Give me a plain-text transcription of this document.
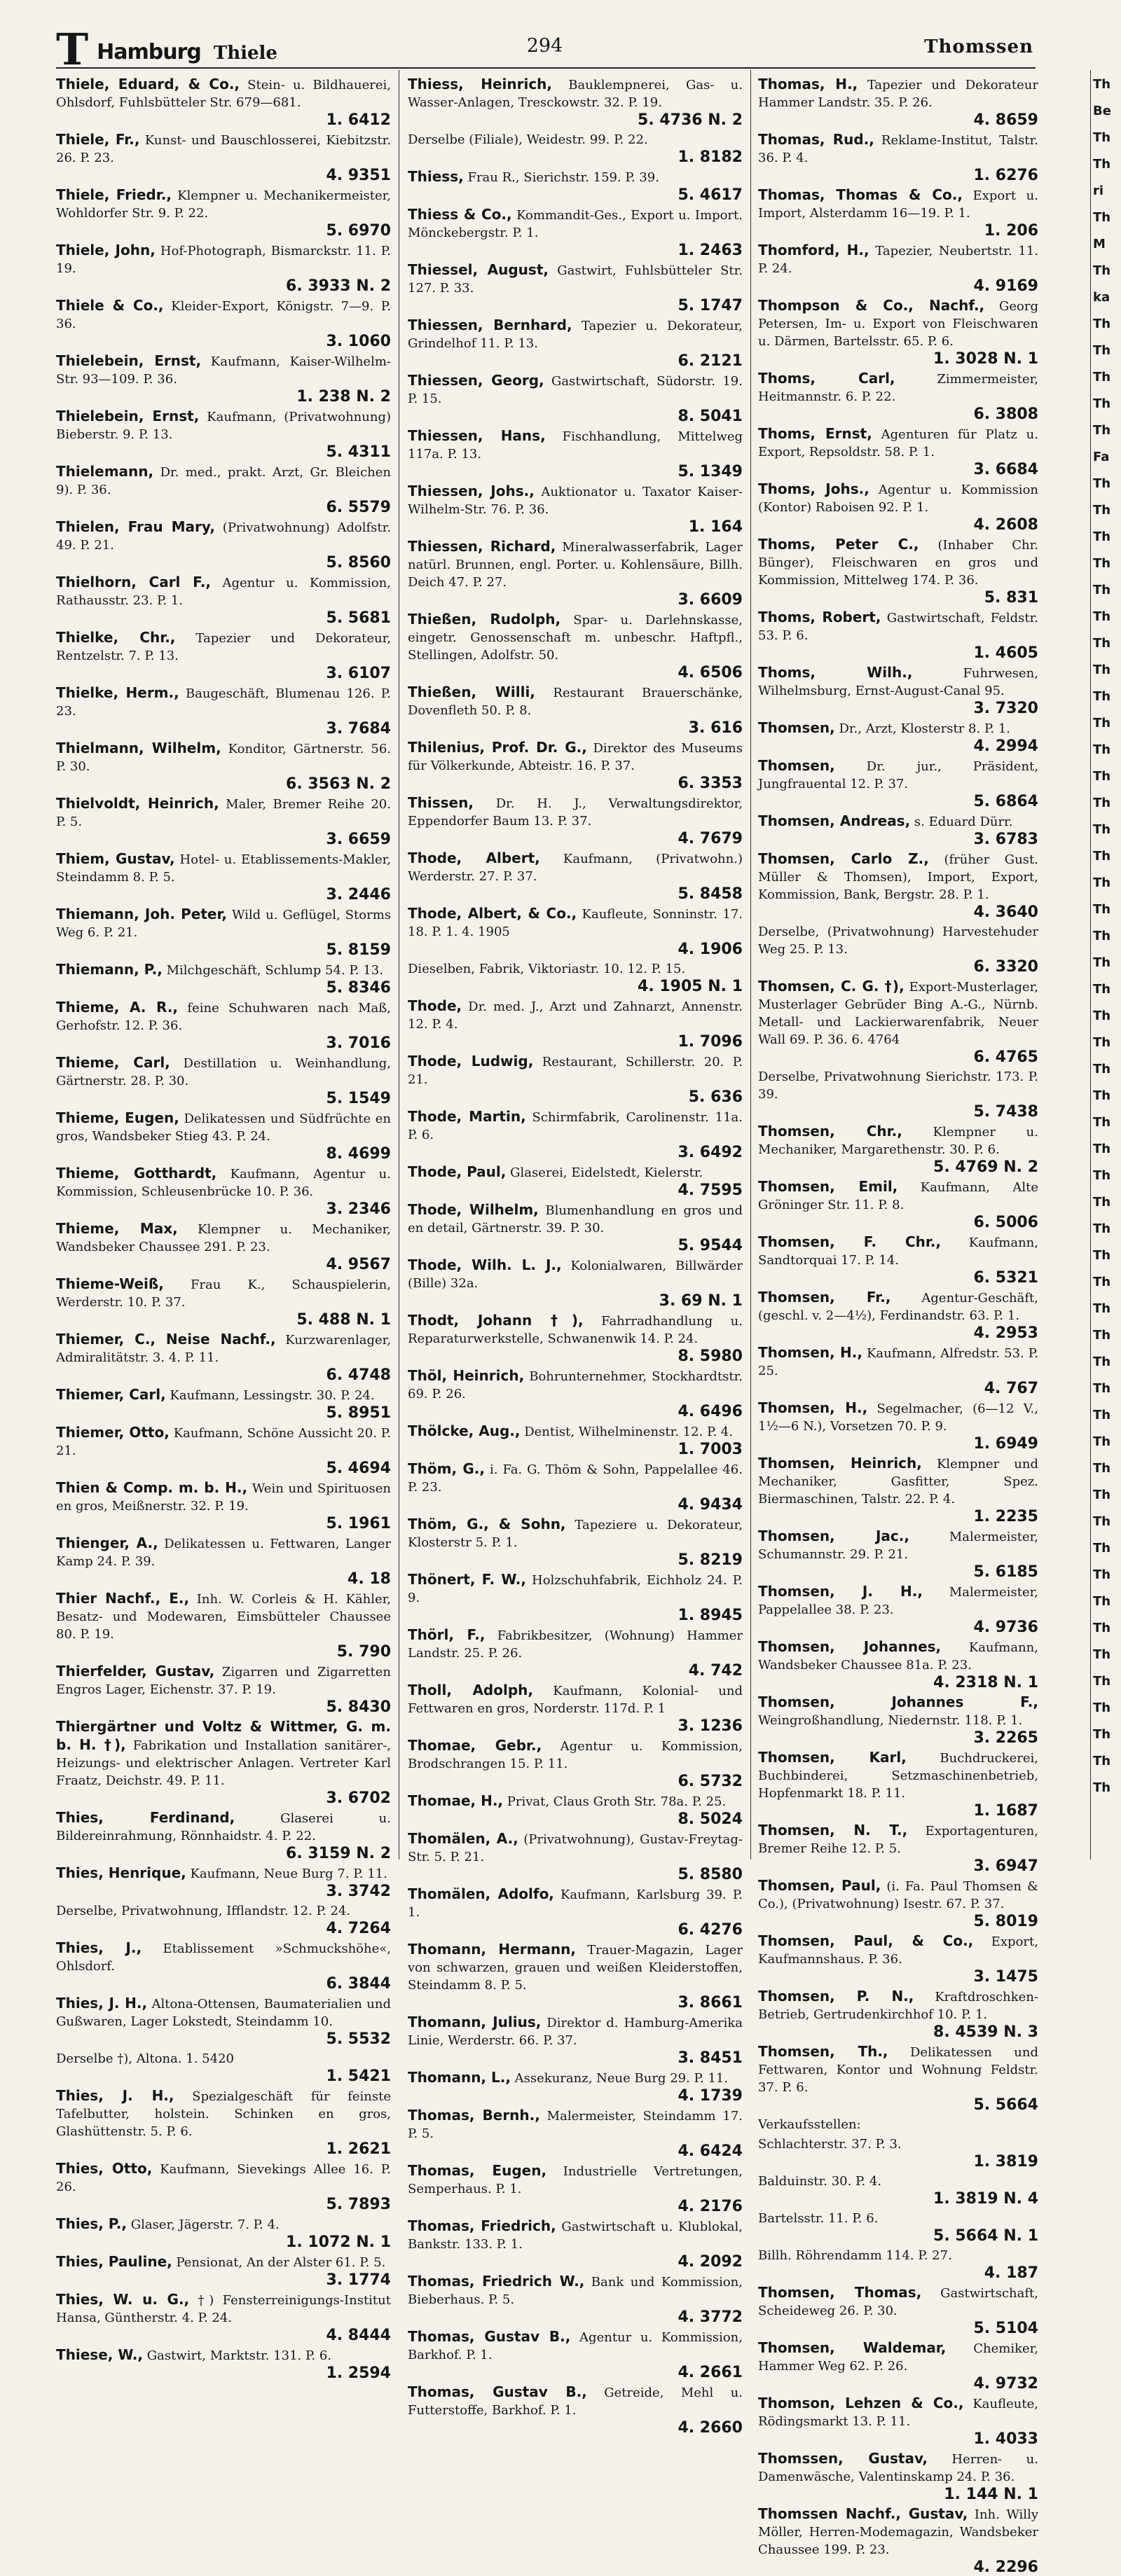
T Hamburg Thiele	294	Thomssen
Thiele, Eduard, & Co., Stein- u. Bildhauerei, Ohlsdorf, Fuhlsbütteler Str. 679—681.
1. 6412
Thiele, Fr., Kunst- und Bauschlosserei, Kiebitzstr. 26. P. 23.
4. 9351
Thiele, Friedr., Klempner u. Mechanikermeister, Wohldorfer Str. 9. P. 22.
5. 6970
Thiele, John, Hof-Photograph, Bismarckstr. 11. P. 19.
6. 3933 N. 2
Thiele & Co., Kleider-Export, Königstr. 7—9. P. 36.
3. 1060
Thielebein, Ernst, Kaufmann, Kaiser-Wilhelm-Str. 93—109. P. 36.
1. 238 N. 2
Thielebein, Ernst, Kaufmann, (Privatwohnung) Bieberstr. 9. P. 13.
5. 4311
Thielemann, Dr. med., prakt. Arzt, Gr. Bleichen 9). P. 36.
6. 5579
Thielen, Frau Mary, (Privatwohnung) Adolfstr. 49. P. 21.
5. 8560
Thielhorn, Carl F., Agentur u. Kommission, Rathausstr. 23. P. 1.
5. 5681
Thielke, Chr., Tapezier und Dekorateur, Rentzelstr. 7. P. 13.
3. 6107
Thielke, Herm., Baugeschäft, Blumenau 126. P. 23.
3. 7684
Thielmann, Wilhelm, Konditor, Gärtnerstr. 56. P. 30.
6. 3563 N. 2
Thielvoldt, Heinrich, Maler, Bremer Reihe 20. P. 5.
3. 6659
Thiem, Gustav, Hotel- u. Etablissements-Makler, Steindamm 8. P. 5.
3. 2446
Thiemann, Joh. Peter, Wild u. Geflügel, Storms Weg 6. P. 21.
5. 8159
Thiemann, P., Milchgeschäft, Schlump 54. P. 13.
5. 8346
Thieme, A. R., feine Schuhwaren nach Maß, Gerhofstr. 12. P. 36.
3. 7016
Thieme, Carl, Destillation u. Weinhandlung, Gärtnerstr. 28. P. 30.
5. 1549
Thieme, Eugen, Delikatessen und Südfrüchte en gros, Wandsbeker Stieg 43. P. 24.
8. 4699
Thieme, Gotthardt, Kaufmann, Agentur u. Kommission, Schleusenbrücke 10. P. 36.
3. 2346
Thieme, Max, Klempner u. Mechaniker, Wandsbeker Chaussee 291. P. 23.
4. 9567
Thieme-Weiß, Frau K., Schauspielerin, Werderstr. 10. P. 37.
5. 488 N. 1
Thiemer, C., Neise Nachf., Kurzwarenlager, Admiralitätstr. 3. 4. P. 11.
6. 4748
Thiemer, Carl, Kaufmann, Lessingstr. 30. P. 24.
5. 8951
Thiemer, Otto, Kaufmann, Schöne Aussicht 20. P. 21.
5. 4694
Thien & Comp. m. b. H., Wein und Spirituosen en gros, Meißnerstr. 32. P. 19.
5. 1961
Thienger, A., Delikatessen u. Fettwaren, Langer Kamp 24. P. 39.
4. 18
Thier Nachf., E., Inh. W. Corleis & H. Kähler, Besatz- und Modewaren, Eimsbütteler Chaussee 80. P. 19.
5. 790
Thierfelder, Gustav, Zigarren und Zigarretten Engros Lager, Eichenstr. 37. P. 19.
5. 8430
Thiergärtner und Voltz & Wittmer, G. m. b. H. †), Fabrikation und Installation sanitärer-, Heizungs- und elektrischer Anlagen. Vertreter Karl Fraatz, Deichstr. 49. P. 11.
3. 6702
Thies, Ferdinand,	Glaserei u. Bildereinrahmung, Rönnhaidstr. 4. P. 22.
6. 3159 N. 2
Thies, Henrique, Kaufmann, Neue Burg 7. P. 11.
3. 3742
Derselbe, Privatwohnung, Ifflandstr. 12. P. 24.
4. 7264
Thies, J., Etablissement »Schmuckshöhe«, Ohlsdorf.
6. 3844
Thies, J. H., Altona-Ottensen, Baumaterialien und Gußwaren, Lager Lokstedt, Steindamm 10.
5. 5532
Derselbe †), Altona. 1. 5420
1. 5421
Thies, J. H., Spezialgeschäft für feinste Tafelbutter, holstein. Schinken en gros, Glashüttenstr. 5. P. 6.
1. 2621
Thies, Otto, Kaufmann, Sievekings Allee 16. P. 26.
5. 7893
Thies, P., Glaser, Jägerstr. 7. P. 4.
1. 1072 N. 1
Thies, Pauline, Pensionat, An der Alster 61. P. 5.
3. 1774
Thies, W. u. G., †) Fensterreinigungs-Institut Hansa, Güntherstr. 4. P. 24.
4. 8444
Thiese, W., Gastwirt, Marktstr. 131. P. 6.
1. 2594
Thiess, Heinrich, Bauklempnerei, Gas- u. Wasser-Anlagen, Tresckowstr. 32. P. 19.
5. 4736 N. 2
Derselbe (Filiale), Weidestr. 99. P. 22.
1. 8182
Thiess, Frau R., Sierichstr. 159. P. 39.
5. 4617
Thiess & Co., Kommandit-Ges., Export u. Import. Mönckebergstr. P. 1.
1. 2463
Thiessel, August, Gastwirt, Fuhlsbütteler Str. 127. P. 33.
5. 1747
Thiessen, Bernhard, Tapezier u. Dekorateur, Grindelhof 11. P. 13.
6. 2121
Thiessen, Georg, Gastwirtschaft, Südorstr. 19. P. 15.
8. 5041
Thiessen, Hans, Fischhandlung, Mittelweg 117a. P. 13.
5. 1349
Thiessen, Johs., Auktionator u. Taxator Kaiser-Wilhelm-Str. 76. P. 36.
1. 164
Thiessen, Richard, Mineralwasserfabrik, Lager natürl. Brunnen, engl. Porter. u. Kohlensäure, Billh. Deich 47. P. 27.
3. 6609
Thießen, Rudolph, Spar- u. Darlehnskasse, eingetr. Genossenschaft m. unbeschr. Haftpfl., Stellingen, Adolfstr. 50.
4. 6506
Thießen, Willi, Restaurant Brauerschänke, Dovenfleth 50. P. 8.
3. 616
Thilenius, Prof. Dr. G., Direktor des Museums für Völkerkunde, Abteistr. 16. P. 37.
6. 3353
Thissen, Dr. H. J., Verwaltungsdirektor, Eppendorfer Baum 13. P. 37.
4. 7679
Thode, Albert, Kaufmann, (Privatwohn.) Werderstr. 27. P. 37.
5. 8458
Thode, Albert, & Co., Kaufleute, Sonninstr. 17. 18. P. 1. 4. 1905
4. 1906
Dieselben, Fabrik, Viktoriastr. 10. 12. P. 15.
4. 1905 N. 1
Thode, Dr. med. J., Arzt und Zahnarzt, Annenstr. 12. P. 4.
1. 7096
Thode, Ludwig, Restaurant, Schillerstr. 20. P. 21.
5. 636
Thode, Martin, Schirmfabrik, Carolinenstr. 11a. P. 6.
3. 6492
Thode, Paul, Glaserei, Eidelstedt, Kielerstr.
4. 7595
Thode, Wilhelm, Blumenhandlung en gros und en detail, Gärtnerstr. 39. P. 30.
5. 9544
Thode, Wilh. L. J., Kolonialwaren, Billwärder (Bille) 32a.
3. 69 N. 1
Thodt, Johann †), Fahrradhandlung u. Reparaturwerkstelle, Schwanenwik 14. P. 24.
8. 5980
Thöl, Heinrich, Bohrunternehmer, Stockhardtstr. 69. P. 26.
4. 6496
Thölcke, Aug., Dentist, Wilhelminenstr. 12. P. 4.
1. 7003
Thöm, G., i. Fa. G. Thöm & Sohn, Pappelallee 46. P. 23.
4. 9434
Thöm, G., & Sohn, Tapeziere u. Dekorateur, Klosterstr 5. P. 1.
5. 8219
Thönert, F. W., Holzschuhfabrik, Eichholz 24. P. 9.
1. 8945
Thörl, F., Fabrikbesitzer, (Wohnung) Hammer Landstr. 25. P. 26.
4. 742
Tholl, Adolph, Kaufmann, Kolonial- und Fettwaren en gros, Norderstr. 117d. P. 1
3. 1236
Thomae, Gebr., Agentur u. Kommission, Brodschrangen 15. P. 11.
6. 5732
Thomae, H., Privat, Claus Groth Str. 78a. P. 25.
8. 5024
Thomälen, A., (Privatwohnung), Gustav-Freytag-Str. 5. P. 21.
5. 8580
Thomälen, Adolfo, Kaufmann, Karlsburg 39. P. 1.
6. 4276
Thomann, Hermann, Trauer-Magazin, Lager von schwarzen, grauen und weißen Kleiderstoffen, Steindamm 8. P. 5.
3. 8661
Thomann, Julius, Direktor d. Hamburg-Amerika Linie, Werderstr. 66. P. 37.
3. 8451
Thomann, L., Assekuranz, Neue Burg 29. P. 11.
4. 1739
Thomas, Bernh., Malermeister, Steindamm 17. P. 5.
4. 6424
Thomas, Eugen, Industrielle Vertretungen, Semperhaus. P. 1.
4. 2176
Thomas, Friedrich, Gastwirtschaft u. Klublokal, Bankstr. 133. P. 1.
4. 2092
Thomas, Friedrich W., Bank und Kommission, Bieberhaus. P. 5.
4. 3772
Thomas, Gustav B., Agentur u. Kommission, Barkhof. P. 1.
4. 2661
Thomas, Gustav B., Getreide, Mehl u. Futterstoffe, Barkhof. P. 1.
4. 2660
Thomas, H., Tapezier und Dekorateur Hammer Landstr. 35. P. 26.
4. 8659
Thomas, Rud., Reklame-Institut, Talstr. 36. P. 4.
1. 6276
Thomas, Thomas & Co., Export u. Import, Alsterdamm 16—19. P. 1.
1. 206
Thomford, H., Tapezier, Neubertstr. 11. P. 24.
4. 9169
Thompson & Co., Nachf., Georg Petersen, Im- u. Export von Fleischwaren u. Därmen, Bartelsstr. 65. P. 6.
1. 3028 N. 1
Thoms, Carl,	Zimmermeister, Heitmannstr. 6. P. 22.
6. 3808
Thoms, Ernst, Agenturen für Platz u. Export, Repsoldstr. 58. P. 1.
3. 6684
Thoms, Johs., Agentur u. Kommission (Kontor) Raboisen 92. P. 1.
4. 2608
Thoms, Peter C., (Inhaber Chr. Bünger), Fleischwaren en gros und Kommission, Mittelweg 174. P. 36.
5. 831
Thoms, Robert, Gastwirtschaft, Feldstr. 53. P. 6.
1. 4605
Thoms, Wilh.,	Fuhrwesen, Wilhelmsburg, Ernst-August-Canal 95.
3. 7320
Thomsen, Dr., Arzt, Klosterstr 8. P. 1.
4. 2994
Thomsen,	Dr. jur., Präsident, Jungfrauental 12. P. 37.
5. 6864
Thomsen, Andreas, s. Eduard Dürr.
3. 6783
Thomsen, Carlo Z., (früher Gust. Müller & Thomsen), Import, Export, Kommission, Bank, Bergstr. 28. P. 1.
4. 3640
Derselbe, (Privatwohnung) Harvestehuder Weg 25. P. 13.
6. 3320
Thomsen, C. G. †), Export-Musterlager, Musterlager Gebrüder Bing A.-G., Nürnb. Metall- und Lackierwarenfabrik, Neuer Wall 69. P. 36. 6. 4764
6. 4765
Derselbe, Privatwohnung Sierichstr. 173. P. 39.
5. 7438
Thomsen, Chr., Klempner u. Mechaniker, Margarethenstr. 30. P. 6.
5. 4769 N. 2
Thomsen, Emil, Kaufmann, Alte Gröninger Str. 11. P. 8.
6. 5006
Thomsen, F. Chr., Kaufmann, Sandtorquai 17. P. 14.
6. 5321
Thomsen, Fr., Agentur-Geschäft, (geschl. v. 2—4½), Ferdinandstr. 63. P. 1.
4. 2953
Thomsen, H., Kaufmann, Alfredstr. 53. P. 25.
4. 767
Thomsen, H., Segelmacher, (6—12 V., 1½—6 N.), Vorsetzen 70. P. 9.
1. 6949
Thomsen, Heinrich, Klempner und Mechaniker, Gasfitter, Spez. Biermaschinen, Talstr. 22. P. 4.
1. 2235
Thomsen, Jac.,	Malermeister, Schumannstr. 29. P. 21.
5. 6185
Thomsen, J. H., Malermeister, Pappelallee 38. P. 23.
4. 9736
Thomsen, Johannes, Kaufmann, Wandsbeker Chaussee 81a. P. 23.
4. 2318 N. 1
Thomsen, Johannes F., Weingroßhandlung, Niedernstr. 118. P. 1.
3. 2265
Thomsen, Karl,	Buchdruckerei, Buchbinderei, Setzmaschinenbetrieb, Hopfenmarkt 18. P. 11.
1. 1687
Thomsen, N. T., Exportagenturen, Bremer Reihe 12. P. 5.
3. 6947
Thomsen, Paul, (i. Fa. Paul Thomsen & Co.), (Privatwohnung) Isestr. 67. P. 37.
5. 8019
Thomsen, Paul, & Co., Export, Kaufmannshaus. P. 36.
3. 1475
Thomsen, P. N., Kraftdroschken-Betrieb, Gertrudenkirchhof 10. P. 1.
8. 4539 N. 3
Thomsen, Th., Delikatessen und Fettwaren, Kontor und Wohnung Feldstr. 37. P. 6.
5. 5664
Verkaufsstellen:
Schlachterstr. 37. P. 3.
1. 3819
Balduinstr. 30. P. 4.
1. 3819 N. 4
Bartelsstr. 11. P. 6.
5. 5664 N. 1
Billh. Röhrendamm 114. P. 27.
4. 187
Thomsen, Thomas, Gastwirtschaft, Scheideweg 26. P. 30.
5. 5104
Thomsen, Waldemar, Chemiker, Hammer Weg 62. P. 26.
4. 9732
Thomson, Lehzen & Co., Kaufleute, Rödingsmarkt 13. P. 11.
1. 4033
Thomssen, Gustav, Herren- u. Damenwäsche, Valentinskamp 24. P. 36.
1. 144 N. 1
Thomssen Nachf., Gustav, Inh. Willy Möller, Herren-Modemagazin, Wandsbeker Chaussee 199. P. 23.
4. 2296
Th
Be
Th
Th
ri
Th
M
Th
ka
Th
Th
Th
Th
Th
Fa
Th
Th
Th
Th
Th
Th
Th
Th
Th
Th
Th
Th
Th
Th
Th
Th
Th
Th
Th
Th
Th
Th
Th
Th
Th
Th
Th
Th
Th
Th
Th
Th
Th
Th
Th
Th
Th
Th
Th
Th
Th
Th
Th
Th
Th
Th
Th
Th
Th
Th
